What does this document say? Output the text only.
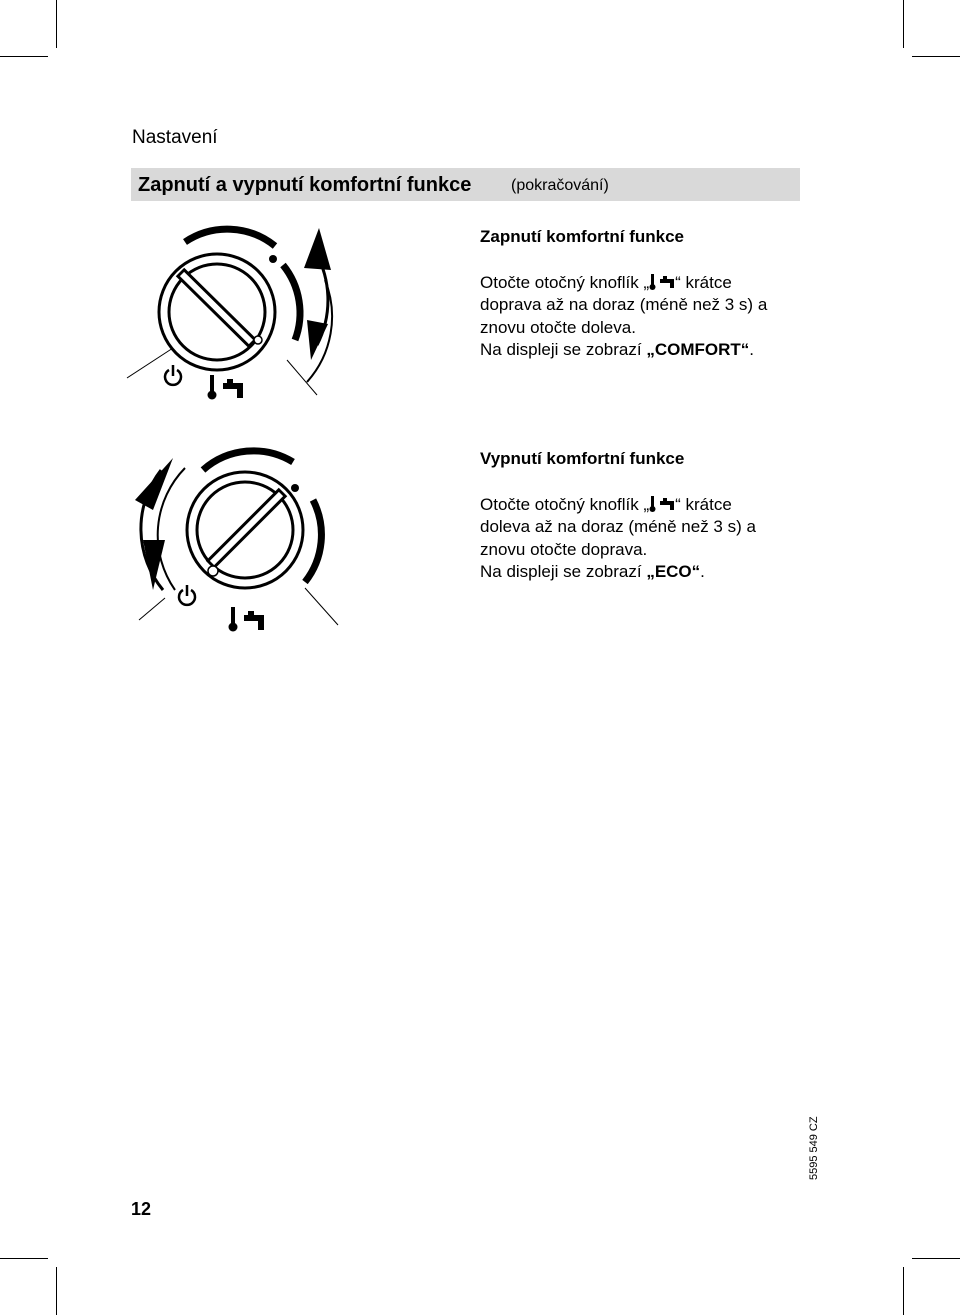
Nastavení
Zapnutí a vypnutí komfortní funkce (pokračování)
Zapnutí komfortní funkce

Otočte otočný knoflík „ “ krátce

doprava až na doraz (méně než 3 s) a

znovu otočte doleva.

Na displeji se zobrazí „COMFORT“.

Vypnutí komfortní funkce

Otočte otočný knoflík „ “ krátce

doleva až na doraz (méně než 3 s) a

znovu otočte doprava.

Na displeji se zobrazí „ECO“.

12
5595 549 CZ
